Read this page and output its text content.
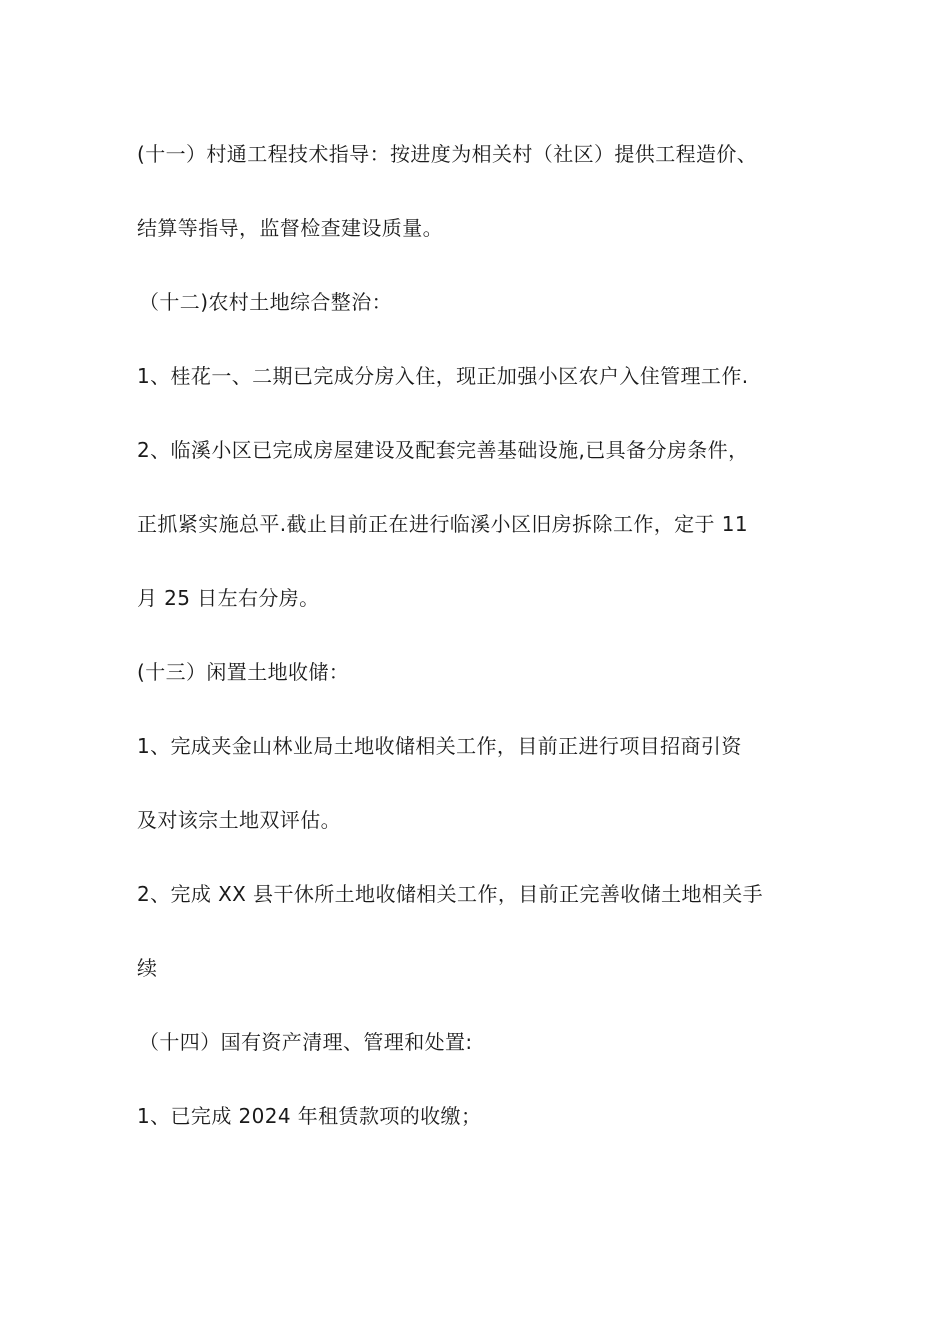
(十一）村通工程技术指导：按进度为相关村（社区）提供工程造价、

结算等指导，监督检查建设质量。

（十二)农村土地综合整治：

1、桂花一、二期已完成分房入住，现正加强小区农户入住管理工作.

2、临溪小区已完成房屋建设及配套完善基础设施,已具备分房条件，

正抓紧实施总平.截止目前正在进行临溪小区旧房拆除工作，定于 11

月 25 日左右分房。

(十三）闲置土地收储：

1、完成夹金山林业局土地收储相关工作，目前正进行项目招商引资

及对该宗土地双评估。

2、完成 XX 县干休所土地收储相关工作，目前正完善收储土地相关手

续

（十四）国有资产清理、管理和处置:

1、已完成 2024 年租赁款项的收缴；
